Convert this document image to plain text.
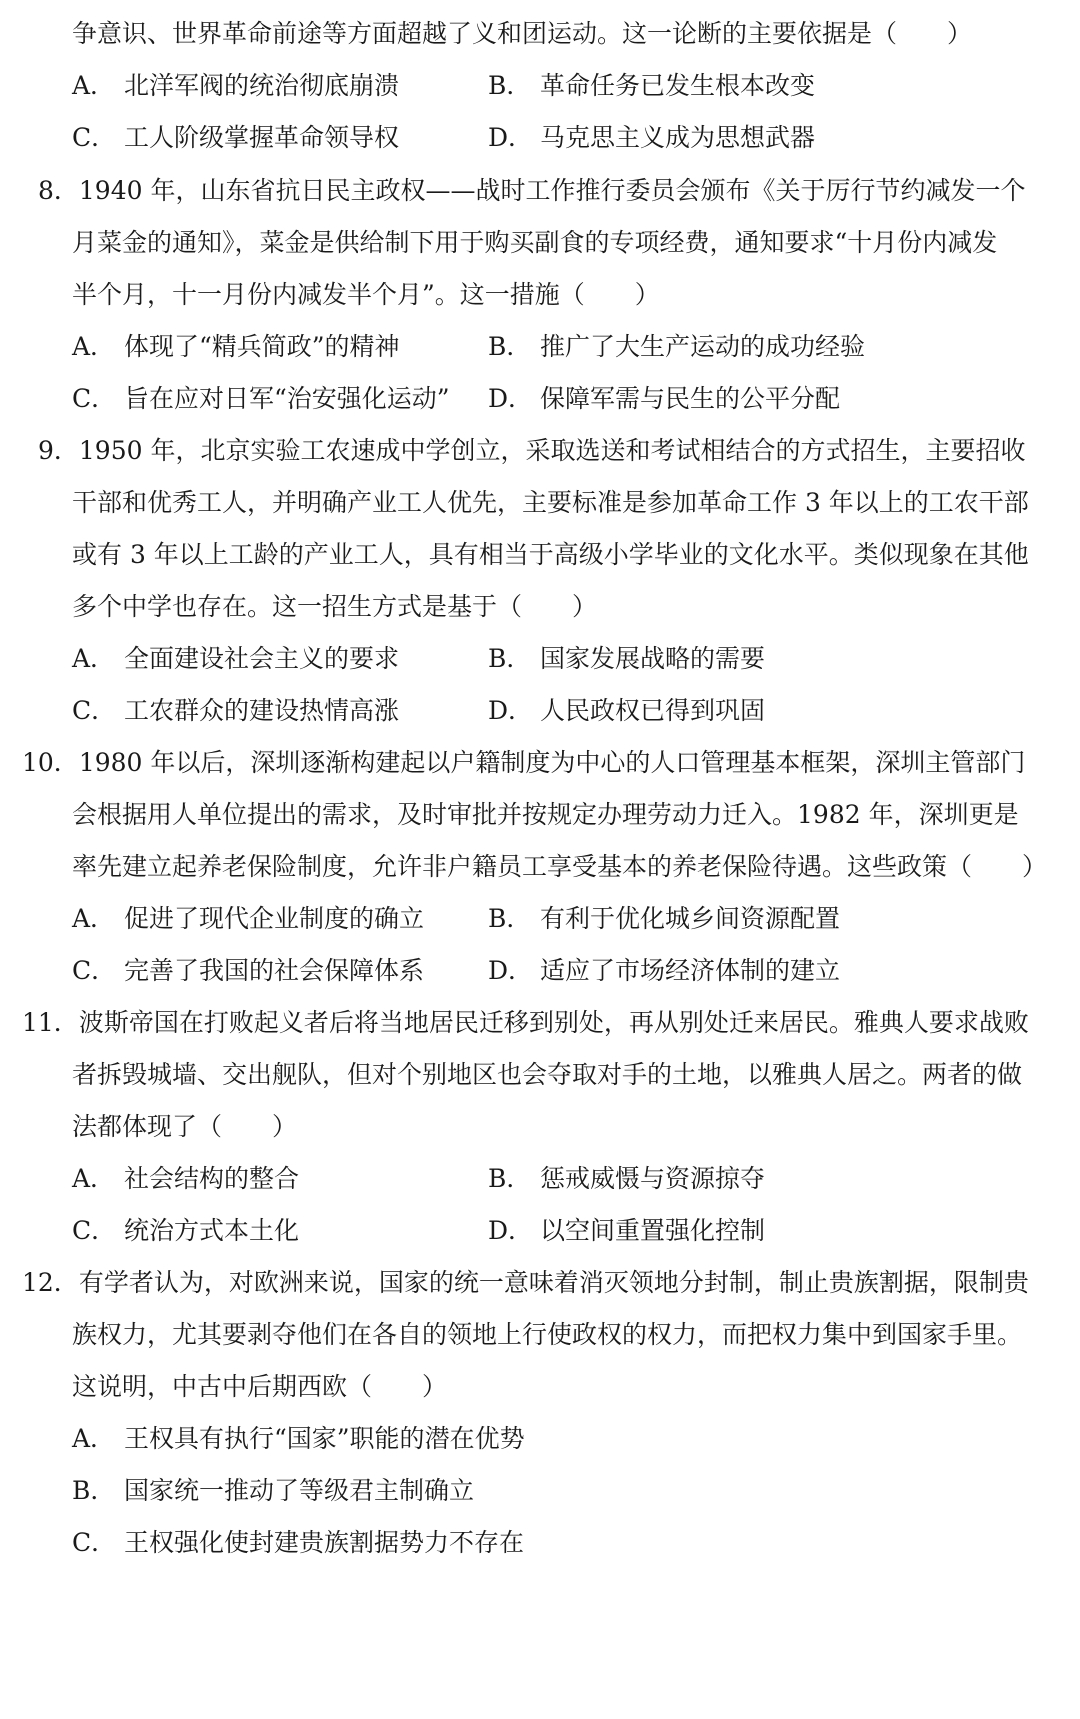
争意识、世界革命前途等方面超越了义和团运动。这一论断的主要依据是（　　）
A． 北洋军阀的统治彻底崩溃	B． 革命任务已发生根本改变
C． 工人阶级掌握革命领导权	D． 马克思主义成为思想武器
8．1940 年，山东省抗日民主政权——战时工作推行委员会颁布《关于厉行节约减发一个
月菜金的通知》，菜金是供给制下用于购买副食的专项经费，通知要求“十月份内减发
半个月，十一月份内减发半个月”。这一措施（　　）
A． 体现了“精兵简政”的精神	B． 推广了大生产运动的成功经验
C． 旨在应对日军“治安强化运动” D． 保障军需与民生的公平分配
9．1950 年，北京实验工农速成中学创立，采取选送和考试相结合的方式招生，主要招收
干部和优秀工人，并明确产业工人优先，主要标准是参加革命工作 3 年以上的工农干部
或有 3 年以上工龄的产业工人，具有相当于高级小学毕业的文化水平。类似现象在其他
多个中学也存在。这一招生方式是基于（　　）
A． 全面建设社会主义的要求	B． 国家发展战略的需要
C． 工农群众的建设热情高涨	D． 人民政权已得到巩固
10．1980 年以后，深圳逐渐构建起以户籍制度为中心的人口管理基本框架，深圳主管部门
会根据用人单位提出的需求，及时审批并按规定办理劳动力迁入。1982 年，深圳更是
率先建立起养老保险制度，允许非户籍员工享受基本的养老保险待遇。这些政策（　　）
A． 促进了现代企业制度的确立	B． 有利于优化城乡间资源配置
C． 完善了我国的社会保障体系	D． 适应了市场经济体制的建立
11．波斯帝国在打败起义者后将当地居民迁移到别处，再从别处迁来居民。雅典人要求战败
者拆毁城墙、交出舰队，但对个别地区也会夺取对手的土地，以雅典人居之。两者的做
法都体现了（　　）
A． 社会结构的整合	B． 惩戒威慑与资源掠夺
C． 统治方式本土化	D． 以空间重置强化控制
12．有学者认为，对欧洲来说，国家的统一意味着消灭领地分封制，制止贵族割据，限制贵
族权力，尤其要剥夺他们在各自的领地上行使政权的权力，而把权力集中到国家手里。
这说明，中古中后期西欧（　　）
A． 王权具有执行“国家”职能的潜在优势
B． 国家统一推动了等级君主制确立
C． 王权强化使封建贵族割据势力不存在
